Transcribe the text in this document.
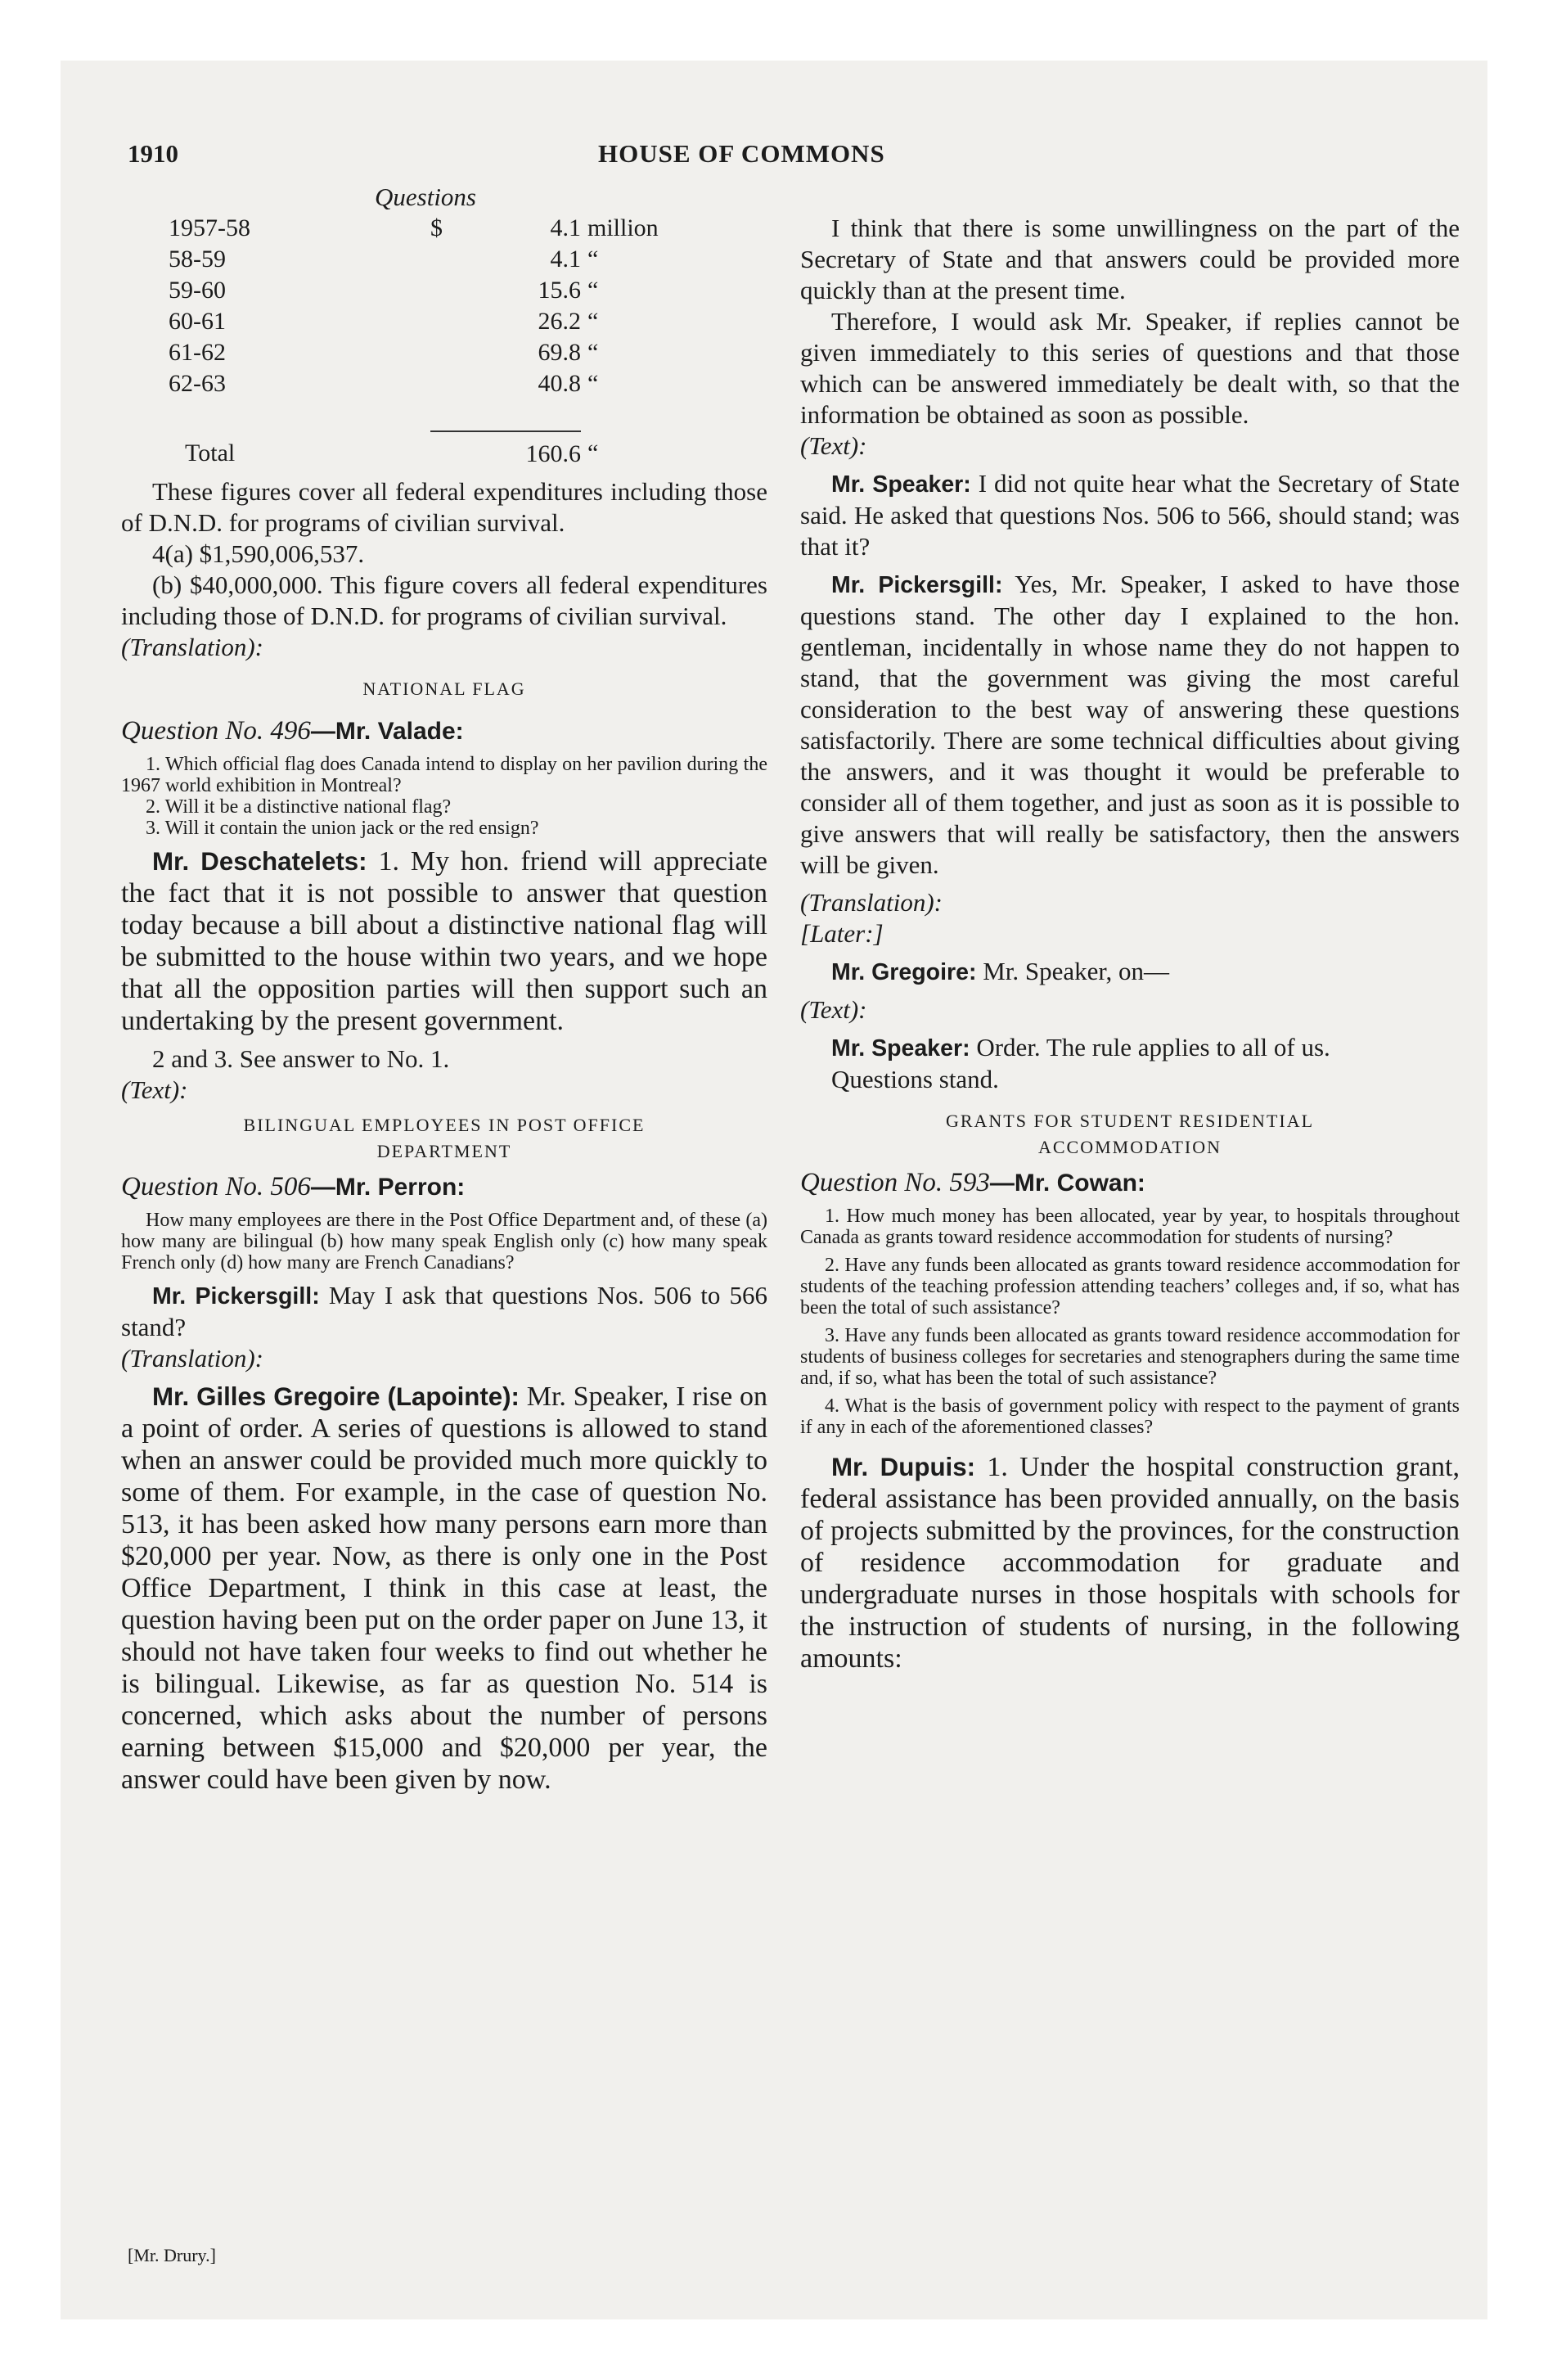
1910	HOUSE OF COMMONS
Questions
1957-58	$	4.1	million
58-59		4.1	“
59-60		15.6	“
60-61		26.2	“
61-62		69.8	“
62-63		40.8	“

Total		160.6	“

These figures cover all federal expenditures including those of D.N.D. for programs of civilian survival.

4(a) $1,590,006,537.

(b) $40,000,000. This figure covers all federal expenditures including those of D.N.D. for programs of civilian survival.

(Translation):

NATIONAL FLAG

Question No. 496—Mr. Valade:

1. Which official flag does Canada intend to display on her pavilion during the 1967 world exhibition in Montreal?

2. Will it be a distinctive national flag?

3. Will it contain the union jack or the red ensign?

Mr. Deschatelets: 1. My hon. friend will appreciate the fact that it is not possible to answer that question today because a bill about a distinctive national flag will be submitted to the house within two years, and we hope that all the opposition parties will then support such an undertaking by the present government.

2 and 3. See answer to No. 1.

(Text):

BILINGUAL EMPLOYEES IN POST OFFICE
DEPARTMENT

Question No. 506—Mr. Perron:

How many employees are there in the Post Office Department and, of these (a) how many are bilingual (b) how many speak English only (c) how many speak French only (d) how many are French Canadians?

Mr. Pickersgill: May I ask that questions Nos. 506 to 566 stand?

(Translation):

Mr. Gilles Gregoire (Lapointe): Mr. Speaker, I rise on a point of order. A series of questions is allowed to stand when an answer could be provided much more quickly to some of them. For example, in the case of question No. 513, it has been asked how many persons earn more than $20,000 per year. Now, as there is only one in the Post Office Department, I think in this case at least, the question having been put on the order paper on June 13, it should not have taken four weeks to find out whether he is bilingual. Likewise, as far as question No. 514 is concerned, which asks about the number of persons earning between $15,000 and $20,000 per year, the answer could have been given by now.

I think that there is some unwillingness on the part of the Secretary of State and that answers could be provided more quickly than at the present time.

Therefore, I would ask Mr. Speaker, if replies cannot be given immediately to this series of questions and that those which can be answered immediately be dealt with, so that the information be obtained as soon as possible.

(Text):

Mr. Speaker: I did not quite hear what the Secretary of State said. He asked that questions Nos. 506 to 566, should stand; was that it?

Mr. Pickersgill: Yes, Mr. Speaker, I asked to have those questions stand. The other day I explained to the hon. gentleman, incidentally in whose name they do not happen to stand, that the government was giving the most careful consideration to the best way of answering these questions satisfactorily. There are some technical difficulties about giving the answers, and it was thought it would be preferable to consider all of them together, and just as soon as it is possible to give answers that will really be satisfactory, then the answers will be given.

(Translation):

[Later:]

Mr. Gregoire: Mr. Speaker, on—

(Text):

Mr. Speaker: Order. The rule applies to all of us.

Questions stand.

GRANTS FOR STUDENT RESIDENTIAL
ACCOMMODATION

Question No. 593—Mr. Cowan:

1. How much money has been allocated, year by year, to hospitals throughout Canada as grants toward residence accommodation for students of nursing?

2. Have any funds been allocated as grants toward residence accommodation for students of the teaching profession attending teachers’ colleges and, if so, what has been the total of such assistance?

3. Have any funds been allocated as grants toward residence accommodation for students of business colleges for secretaries and stenographers during the same time and, if so, what has been the total of such assistance?

4. What is the basis of government policy with respect to the payment of grants if any in each of the aforementioned classes?

Mr. Dupuis: 1. Under the hospital construction grant, federal assistance has been provided annually, on the basis of projects submitted by the provinces, for the construction of residence accommodation for graduate and undergraduate nurses in those hospitals with schools for the instruction of students of nursing, in the following amounts:

[Mr. Drury.]
